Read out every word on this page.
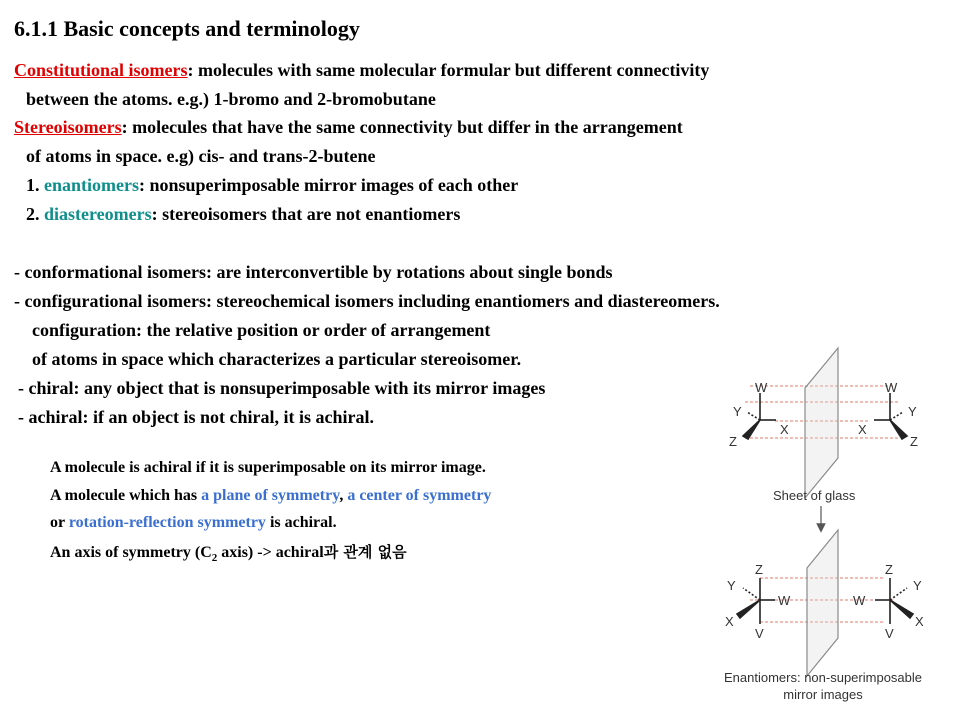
6.1.1 Basic concepts and terminology
Constitutional isomers: molecules with same molecular formular but different connectivity
between the atoms. e.g.) 1-bromo and 2-bromobutane
Stereoisomers: molecules that have the same connectivity but differ in the arrangement
of atoms in space. e.g) cis- and trans-2-butene
1. enantiomers: nonsuperimposable mirror images of each other
2. diastereomers: stereoisomers that are not enantiomers
- conformational isomers: are interconvertible by rotations about single bonds
- configurational isomers: stereochemical isomers including enantiomers and diastereomers.
configuration: the relative position or order of arrangement
of atoms in space which characterizes a particular stereoisomer.
- chiral: any object that is nonsuperimposable with its mirror images
- achiral: if an object is not chiral, it is achiral.
A molecule is achiral if it is superimposable on its mirror image.
A molecule which has a plane of symmetry, a center of symmetry
or rotation-reflection symmetry is achiral.
An axis of symmetry ($C_2$ axis) -> achiral과 관계 없음
W
Y
X
Z
W
Y
X
Z
Sheet of glass
Z
Y
W
X
V
Z
Y
W
X
V
Enantiomers: non-superimposable
mirror images
